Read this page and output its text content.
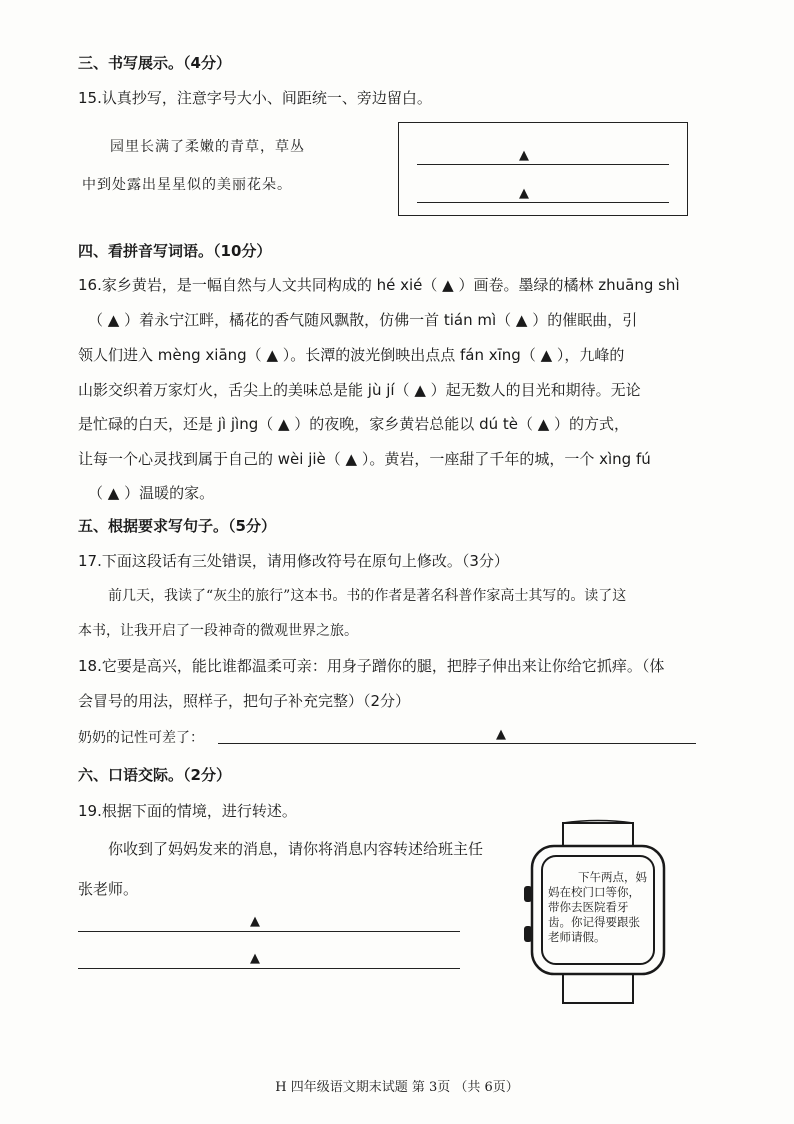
三、书写展示。（4分）
15.认真抄写，注意字号大小、间距统一、旁边留白。
园里长满了柔嫩的青草，草丛
中到处露出星星似的美丽花朵。
▲
▲
四、看拼音写词语。（10分）
16.家乡黄岩，是一幅自然与人文共同构成的 hé xié（ ▲ ）画卷。墨绿的橘林 zhuāng shì
（ ▲ ）着永宁江畔，橘花的香气随风飘散，仿佛一首 tián mì（ ▲ ）的催眠曲，引
领人们进入 mèng xiāng（ ▲ ）。长潭的波光倒映出点点 fán xīng（ ▲ ），九峰的
山影交织着万家灯火，舌尖上的美味总是能 jù jí（ ▲ ）起无数人的目光和期待。无论
是忙碌的白天，还是 jì jìng（ ▲ ）的夜晚，家乡黄岩总能以 dú tè（ ▲ ）的方式，
让每一个心灵找到属于自己的 wèi jiè（ ▲ ）。黄岩，一座甜了千年的城，一个 xìng fú
（ ▲ ）温暖的家。
五、根据要求写句子。（5分）
17.下面这段话有三处错误，请用修改符号在原句上修改。（3分）
前几天，我读了“灰尘的旅行”这本书。书的作者是著名科普作家高士其写的。读了这
本书，让我开启了一段神奇的微观世界之旅。
18.它要是高兴，能比谁都温柔可亲：用身子蹭你的腿，把脖子伸出来让你给它抓痒。（体
会冒号的用法，照样子，把句子补充完整）（2分）
奶奶的记性可差了：	▲
六、口语交际。（2分）
19.根据下面的情境，进行转述。
你收到了妈妈发来的消息，请你将消息内容转述给班主任
张老师。
▲
▲
下午两点，妈
妈在校门口等你，
带你去医院看牙
齿。你记得要跟张
老师请假。
H 四年级语文期末试题 第 3页 （共 6页）
